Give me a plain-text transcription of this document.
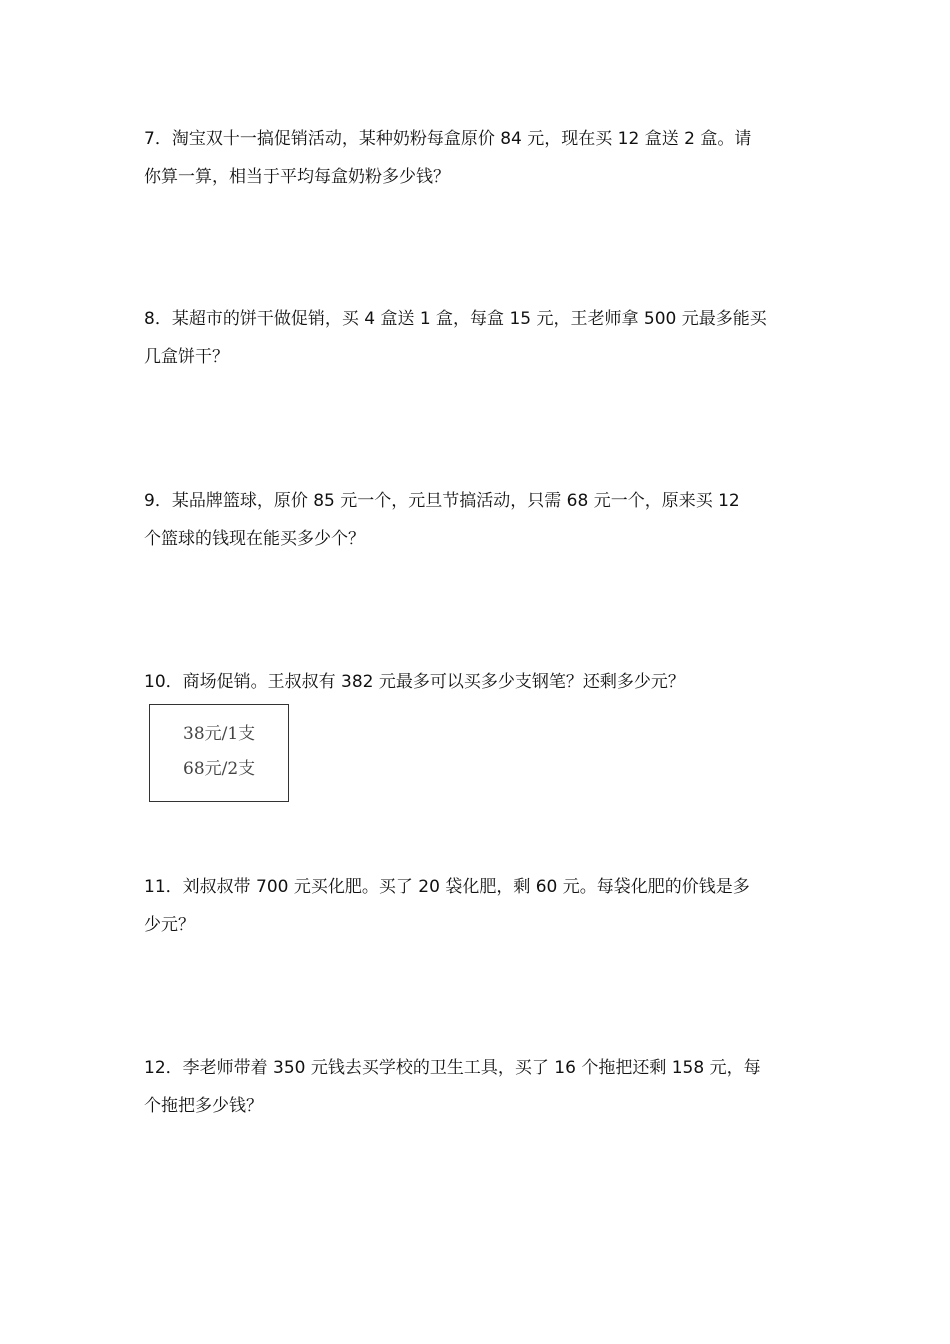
7．淘宝双十一搞促销活动，某种奶粉每盒原价 84 元，现在买 12 盒送 2 盒。请

你算一算，相当于平均每盒奶粉多少钱？

8．某超市的饼干做促销，买 4 盒送 1 盒，每盒 15 元，王老师拿 500 元最多能买

几盒饼干？

9．某品牌篮球，原价 85 元一个，元旦节搞活动，只需 68 元一个，原来买 12

个篮球的钱现在能买多少个？

10．商场促销。王叔叔有 382 元最多可以买多少支钢笔？还剩多少元？

38元/1支
68元/2支

11．刘叔叔带 700 元买化肥。买了 20 袋化肥，剩 60 元。每袋化肥的价钱是多

少元？

12．李老师带着 350 元钱去买学校的卫生工具，买了 16 个拖把还剩 158 元，每

个拖把多少钱？
